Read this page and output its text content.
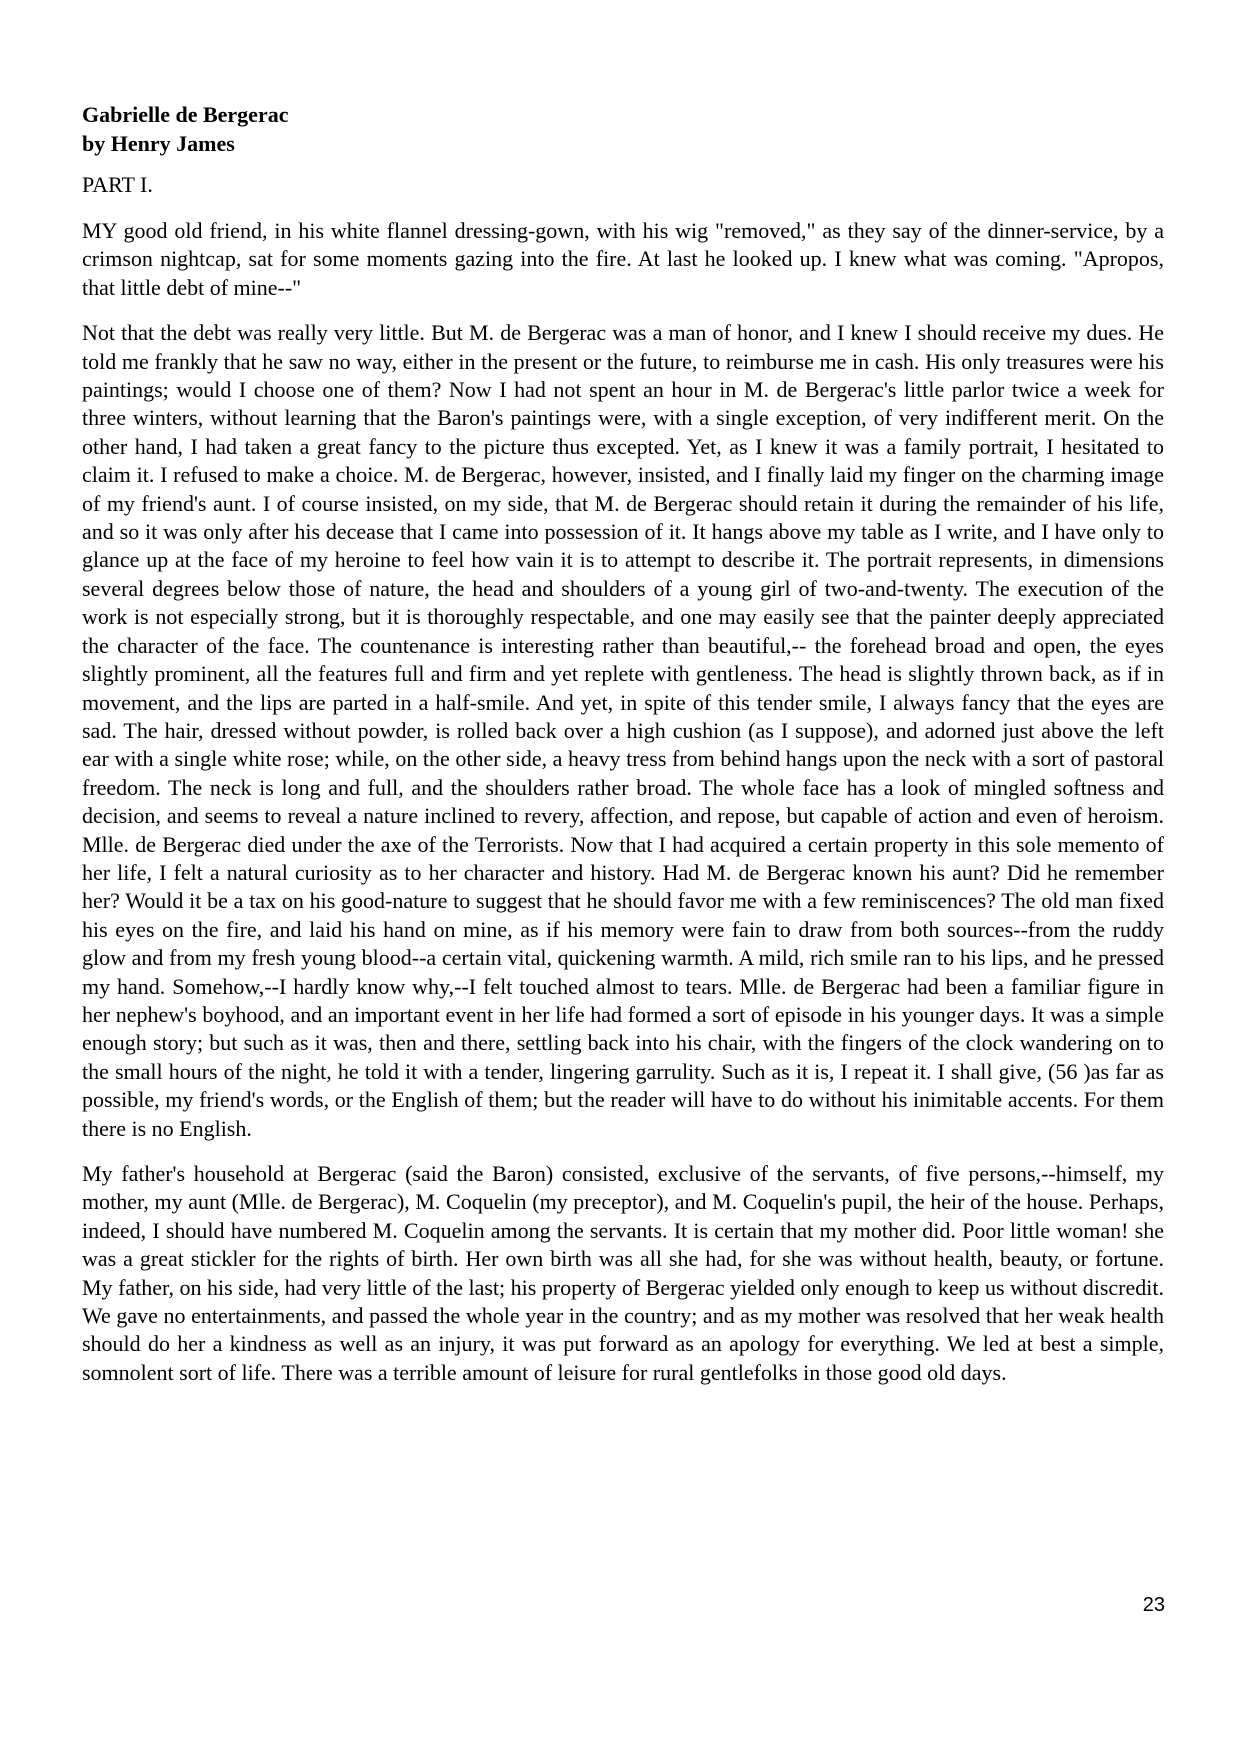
Gabrielle de Bergerac
by Henry James
PART I.

MY good old friend, in his white flannel dressing-gown, with his wig "removed," as they say of the dinner-service, by a crimson nightcap, sat for some moments gazing into the fire. At last he looked up. I knew what was coming. "Apropos, that little debt of mine--"

Not that the debt was really very little. But M. de Bergerac was a man of honor, and I knew I should receive my dues. He told me frankly that he saw no way, either in the present or the future, to reimburse me in cash. His only treasures were his paintings; would I choose one of them? Now I had not spent an hour in M. de Bergerac's little parlor twice a week for three winters, without learning that the Baron's paintings were, with a single exception, of very indifferent merit. On the other hand, I had taken a great fancy to the picture thus excepted. Yet, as I knew it was a family portrait, I hesitated to claim it. I refused to make a choice. M. de Bergerac, however, insisted, and I finally laid my finger on the charming image of my friend's aunt. I of course insisted, on my side, that M. de Bergerac should retain it during the remainder of his life, and so it was only after his decease that I came into possession of it. It hangs above my table as I write, and I have only to glance up at the face of my heroine to feel how vain it is to attempt to describe it. The portrait represents, in dimensions several degrees below those of nature, the head and shoulders of a young girl of two-and-twenty. The execution of the work is not especially strong, but it is thoroughly respectable, and one may easily see that the painter deeply appreciated the character of the face. The countenance is interesting rather than beautiful,-- the forehead broad and open, the eyes slightly prominent, all the features full and firm and yet replete with gentleness. The head is slightly thrown back, as if in movement, and the lips are parted in a half-smile. And yet, in spite of this tender smile, I always fancy that the eyes are sad. The hair, dressed without powder, is rolled back over a high cushion (as I suppose), and adorned just above the left ear with a single white rose; while, on the other side, a heavy tress from behind hangs upon the neck with a sort of pastoral freedom. The neck is long and full, and the shoulders rather broad. The whole face has a look of mingled softness and decision, and seems to reveal a nature inclined to revery, affection, and repose, but capable of action and even of heroism. Mlle. de Bergerac died under the axe of the Terrorists. Now that I had acquired a certain property in this sole memento of her life, I felt a natural curiosity as to her character and history. Had M. de Bergerac known his aunt? Did he remember her? Would it be a tax on his good-nature to suggest that he should favor me with a few reminiscences? The old man fixed his eyes on the fire, and laid his hand on mine, as if his memory were fain to draw from both sources--from the ruddy glow and from my fresh young blood--a certain vital, quickening warmth. A mild, rich smile ran to his lips, and he pressed my hand. Somehow,--I hardly know why,--I felt touched almost to tears. Mlle. de Bergerac had been a familiar figure in her nephew's boyhood, and an important event in her life had formed a sort of episode in his younger days. It was a simple enough story; but such as it was, then and there, settling back into his chair, with the fingers of the clock wandering on to the small hours of the night, he told it with a tender, lingering garrulity. Such as it is, I repeat it. I shall give, (56 )as far as possible, my friend's words, or the English of them; but the reader will have to do without his inimitable accents. For them there is no English.

My father's household at Bergerac (said the Baron) consisted, exclusive of the servants, of five persons,--himself, my mother, my aunt (Mlle. de Bergerac), M. Coquelin (my preceptor), and M. Coquelin's pupil, the heir of the house. Perhaps, indeed, I should have numbered M. Coquelin among the servants. It is certain that my mother did. Poor little woman! she was a great stickler for the rights of birth. Her own birth was all she had, for she was without health, beauty, or fortune. My father, on his side, had very little of the last; his property of Bergerac yielded only enough to keep us without discredit. We gave no entertainments, and passed the whole year in the country; and as my mother was resolved that her weak health should do her a kindness as well as an injury, it was put forward as an apology for everything. We led at best a simple, somnolent sort of life. There was a terrible amount of leisure for rural gentlefolks in those good old days.

23
